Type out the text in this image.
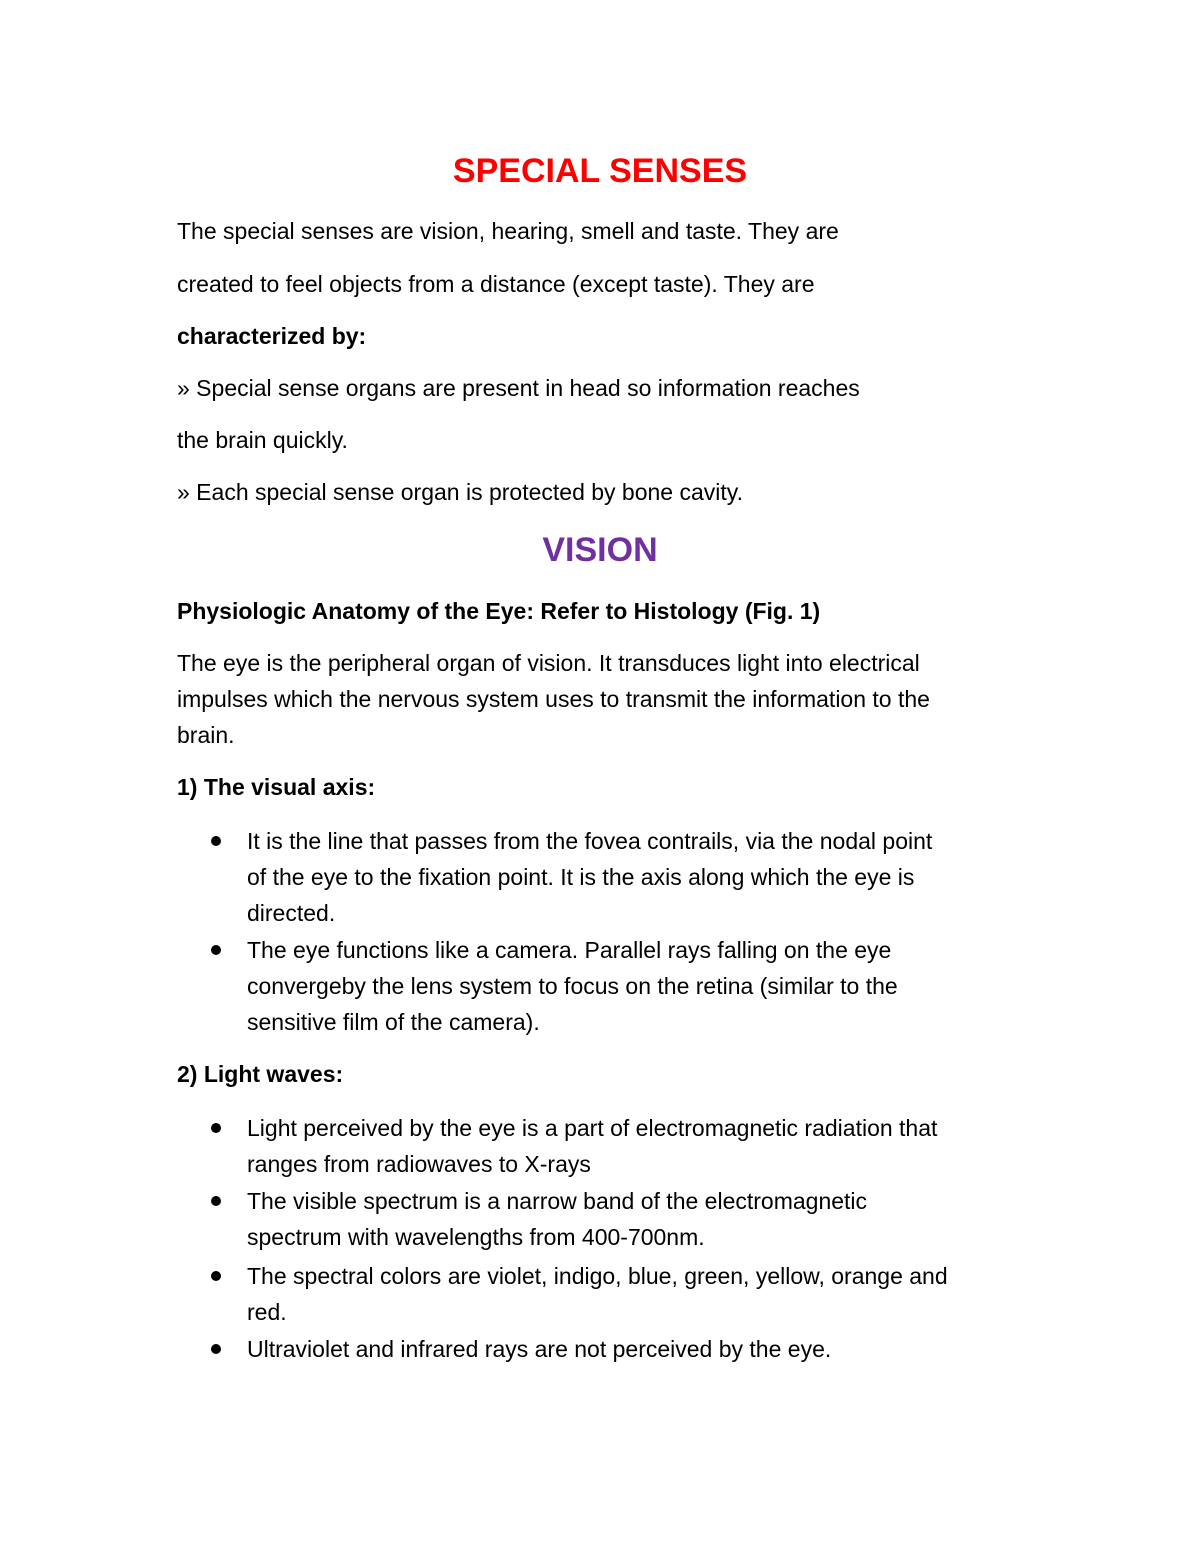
SPECIAL SENSES
The special senses are vision, hearing, smell and taste. They are
created to feel objects from a distance (except taste). They are
characterized by:
» Special sense organs are present in head so information reaches
the brain quickly.
» Each special sense organ is protected by bone cavity.
VISION
Physiologic Anatomy of the Eye: Refer to Histology (Fig. 1)
The eye is the peripheral organ of vision. It transduces light into electrical
impulses which the nervous system uses to transmit the information to the
brain.
1) The visual axis:
It is the line that passes from the fovea contrails, via the nodal point
of the eye to the fixation point. It is the axis along which the eye is
directed.
The eye functions like a camera. Parallel rays falling on the eye
convergeby the lens system to focus on the retina (similar to the
sensitive film of the camera).
2) Light waves:
Light perceived by the eye is a part of electromagnetic radiation that
ranges from radiowaves to X-rays
The visible spectrum is a narrow band of the electromagnetic
spectrum with wavelengths from 400-700nm.
The spectral colors are violet, indigo, blue, green, yellow, orange and
red.
Ultraviolet and infrared rays are not perceived by the eye.
